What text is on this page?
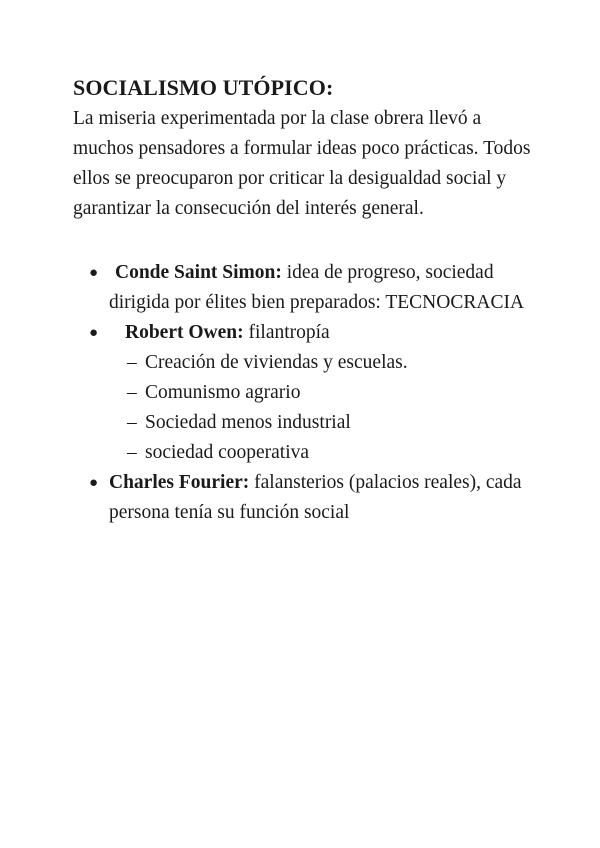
SOCIALISMO UTÓPICO:

La miseria experimentada por la clase obrera llevó a muchos pensadores a formular ideas poco prácticas. Todos ellos se preocuparon por criticar la desigualdad social y garantizar la consecución del interés general.

● Conde Saint Simon: idea de progreso, sociedad dirigida por élites bien preparados: TECNOCRACIA
● Robert Owen: filantropía
– Creación de viviendas y escuelas.
– Comunismo agrario
– Sociedad menos industrial
– sociedad cooperativa
● Charles Fourier: falansterios (palacios reales), cada persona tenía su función social
